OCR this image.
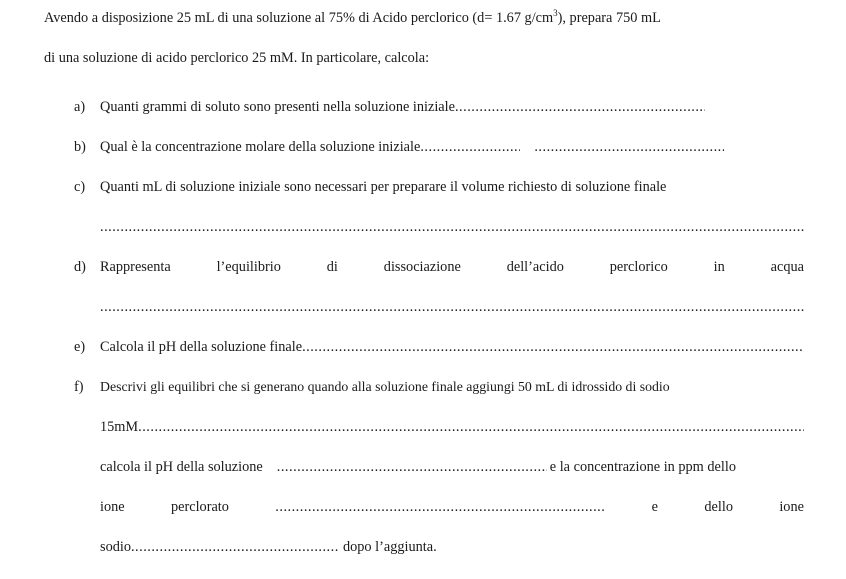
Avendo a disposizione 25 mL di una soluzione al 75% di Acido perclorico (d= 1.67 $g/cm^3$), prepara 750 mL
di una soluzione di acido perclorico 25 mM. In particolare, calcola:
a)	Quanti grammi di soluto sono presenti nella soluzione iniziale
.....
b) Qual è la concentrazione molare della soluzione iniziale
.....
.....
c)	Quanti mL di soluzione iniziale sono necessari per preparare il volume richiesto di soluzione finale
.....
d) Rappresenta	l’equilibrio	di	dissociazione	dell’acido	perclorico	in	acqua
.....
e)	Calcola il pH della soluzione finale
.....
f)	Descrivi gli equilibri che si generano quando alla soluzione finale aggiungi 50 mL di idrossido di sodio
15mM
.....
calcola il pH della soluzione .....	e la concentrazione in ppm dello
ione	perclorato .....	e	dello	ione
sodio .....	dopo l’aggiunta.
